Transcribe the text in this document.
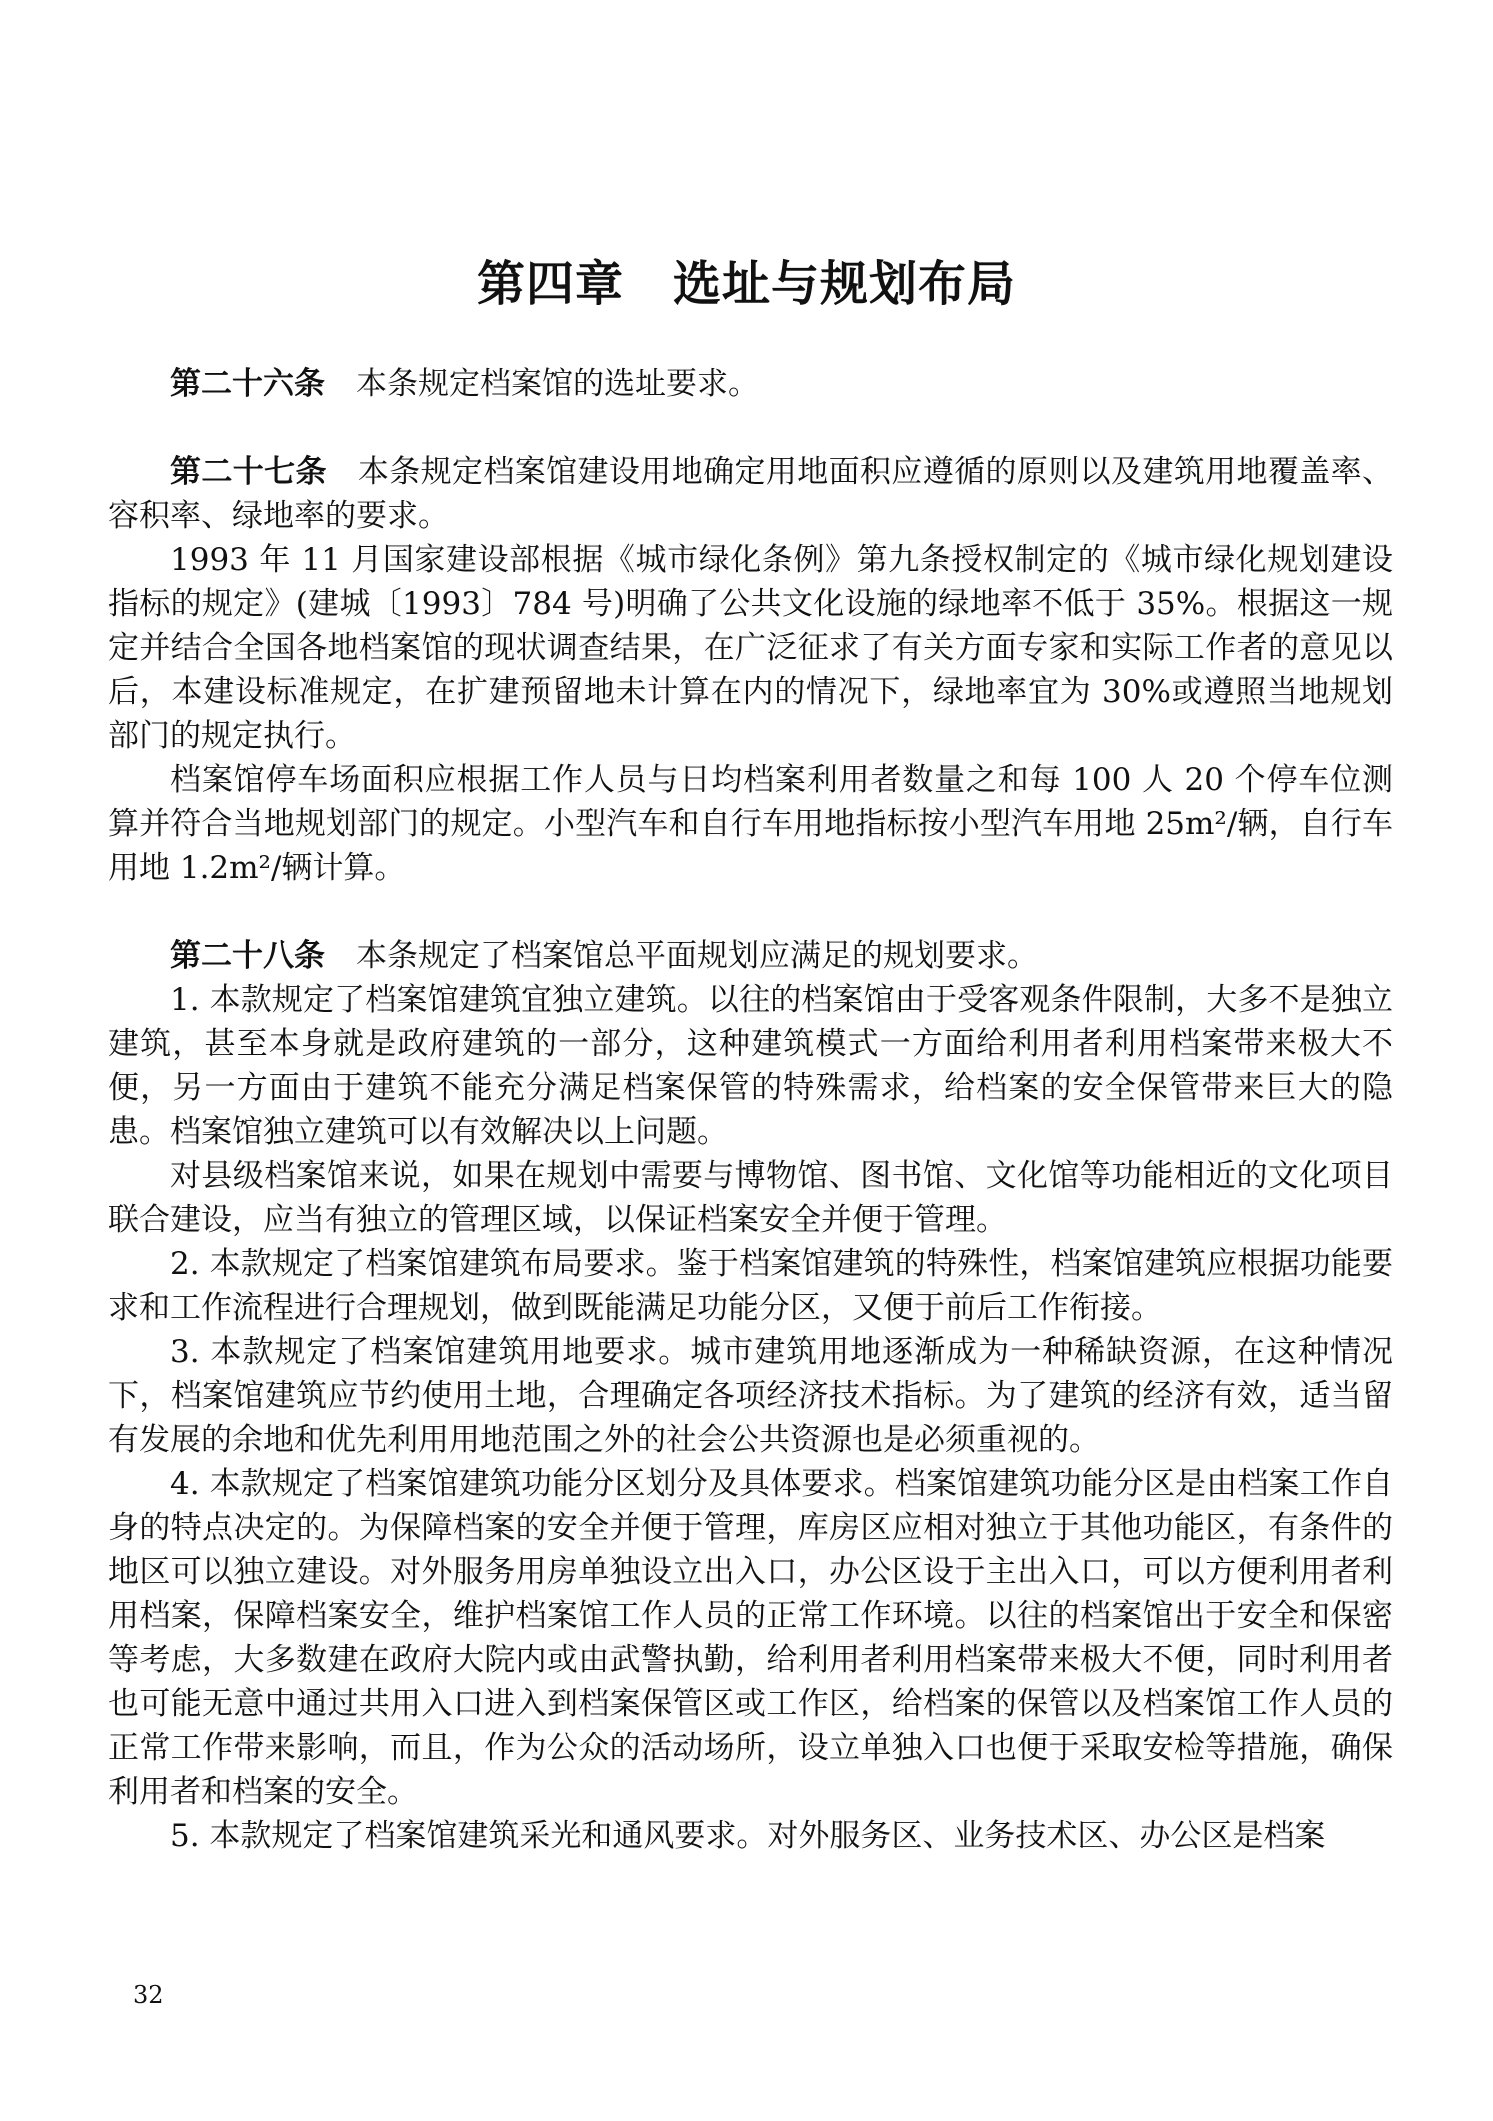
第四章　选址与规划布局

第二十六条 本条规定档案馆的选址要求。

第二十七条 本条规定档案馆建设用地确定用地面积应遵循的原则以及建筑用地覆盖率、容积率、绿地率的要求。

1993 年 11 月国家建设部根据《城市绿化条例》第九条授权制定的《城市绿化规划建设指标的规定》(建城〔1993〕784 号)明确了公共文化设施的绿地率不低于 35%。根据这一规定并结合全国各地档案馆的现状调查结果，在广泛征求了有关方面专家和实际工作者的意见以后，本建设标准规定，在扩建预留地未计算在内的情况下，绿地率宜为 30%或遵照当地规划部门的规定执行。

档案馆停车场面积应根据工作人员与日均档案利用者数量之和每 100 人 20 个停车位测算并符合当地规划部门的规定。小型汽车和自行车用地指标按小型汽车用地 25m²/辆，自行车用地 1.2m²/辆计算。

第二十八条 本条规定了档案馆总平面规划应满足的规划要求。

1. 本款规定了档案馆建筑宜独立建筑。以往的档案馆由于受客观条件限制，大多不是独立建筑，甚至本身就是政府建筑的一部分，这种建筑模式一方面给利用者利用档案带来极大不便，另一方面由于建筑不能充分满足档案保管的特殊需求，给档案的安全保管带来巨大的隐患。档案馆独立建筑可以有效解决以上问题。

对县级档案馆来说，如果在规划中需要与博物馆、图书馆、文化馆等功能相近的文化项目联合建设，应当有独立的管理区域，以保证档案安全并便于管理。

2. 本款规定了档案馆建筑布局要求。鉴于档案馆建筑的特殊性，档案馆建筑应根据功能要求和工作流程进行合理规划，做到既能满足功能分区，又便于前后工作衔接。

3. 本款规定了档案馆建筑用地要求。城市建筑用地逐渐成为一种稀缺资源，在这种情况下，档案馆建筑应节约使用土地，合理确定各项经济技术指标。为了建筑的经济有效，适当留有发展的余地和优先利用用地范围之外的社会公共资源也是必须重视的。

4. 本款规定了档案馆建筑功能分区划分及具体要求。档案馆建筑功能分区是由档案工作自身的特点决定的。为保障档案的安全并便于管理，库房区应相对独立于其他功能区，有条件的地区可以独立建设。对外服务用房单独设立出入口，办公区设于主出入口，可以方便利用者利用档案，保障档案安全，维护档案馆工作人员的正常工作环境。以往的档案馆出于安全和保密等考虑，大多数建在政府大院内或由武警执勤，给利用者利用档案带来极大不便，同时利用者也可能无意中通过共用入口进入到档案保管区或工作区，给档案的保管以及档案馆工作人员的正常工作带来影响，而且，作为公众的活动场所，设立单独入口也便于采取安检等措施，确保利用者和档案的安全。

5. 本款规定了档案馆建筑采光和通风要求。对外服务区、业务技术区、办公区是档案

32
